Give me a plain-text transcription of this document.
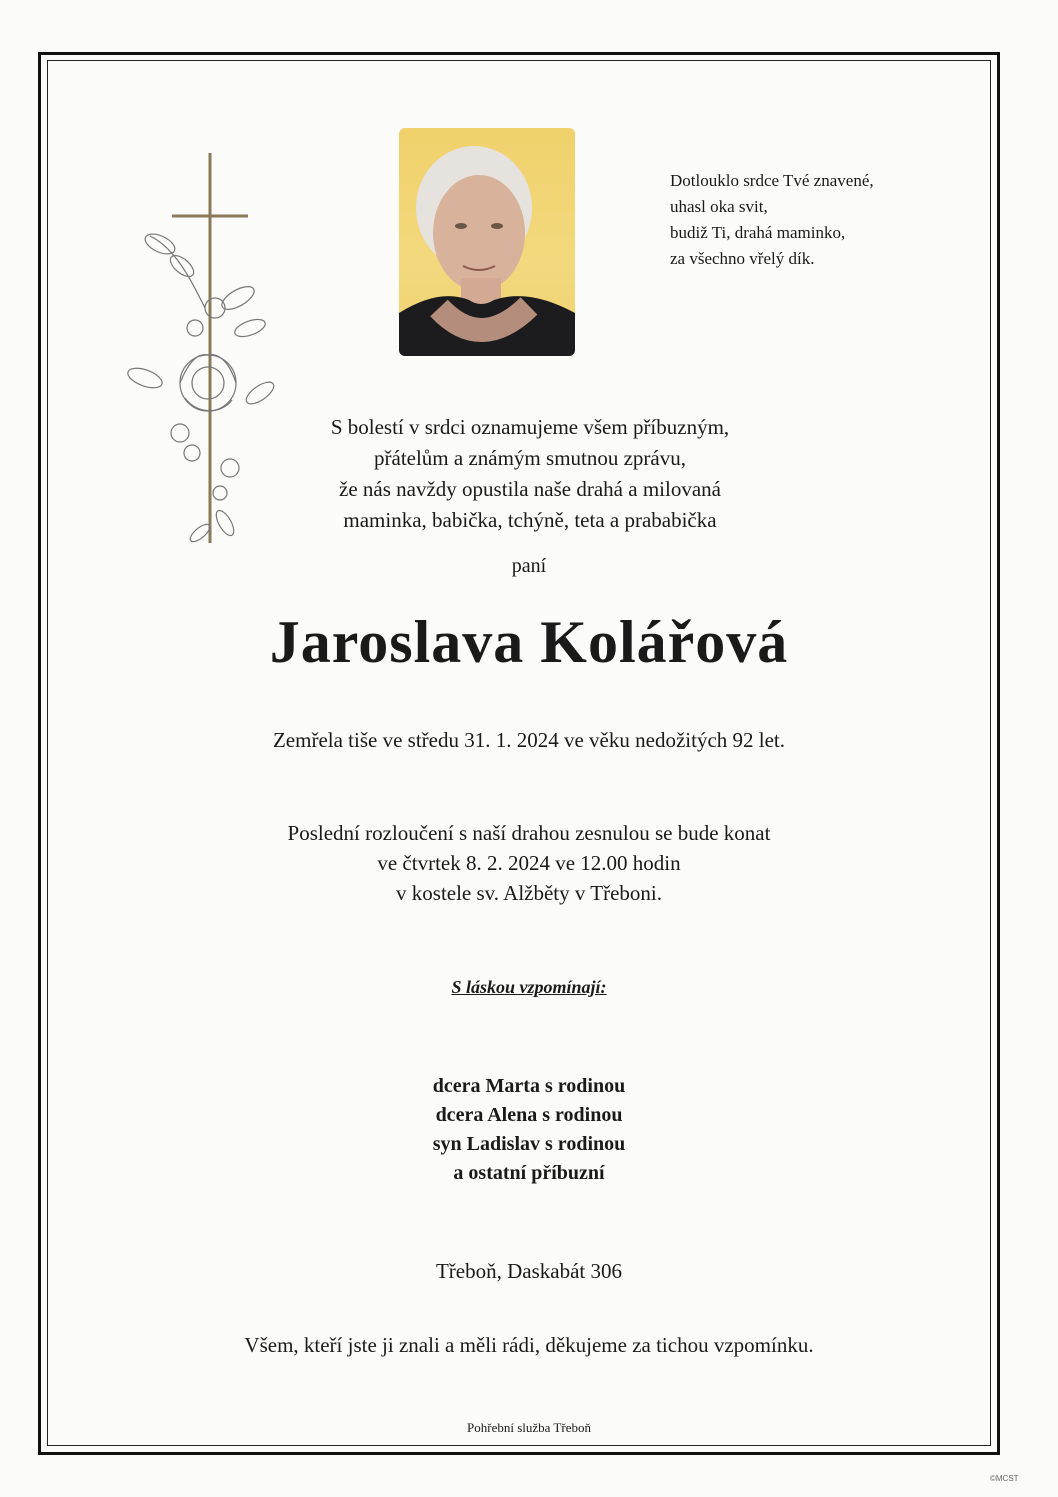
Dotlouklo srdce Tvé znavené,
uhasl oka svit,
budiž Ti, drahá maminko,
za všechno vřelý dík.
S bolestí v srdci oznamujeme všem příbuzným,
přátelům a známým smutnou zprávu,
že nás navždy opustila naše drahá a milovaná
maminka, babička, tchýně, teta a prababička
paní
Jaroslava Kolářová
Zemřela tiše ve středu 31. 1. 2024 ve věku nedožitých 92 let.
Poslední rozloučení s naší drahou zesnulou se bude konat
ve čtvrtek 8. 2. 2024 ve 12.00 hodin
v kostele sv. Alžběty v Třeboni.
S láskou vzpomínají:
dcera Marta s rodinou
dcera Alena s rodinou
syn Ladislav s rodinou
a ostatní příbuzní
Třeboň, Daskabát 306
Všem, kteří jste ji znali a měli rádi, děkujeme za tichou vzpomínku.
Pohřební služba Třeboň
©MCST
